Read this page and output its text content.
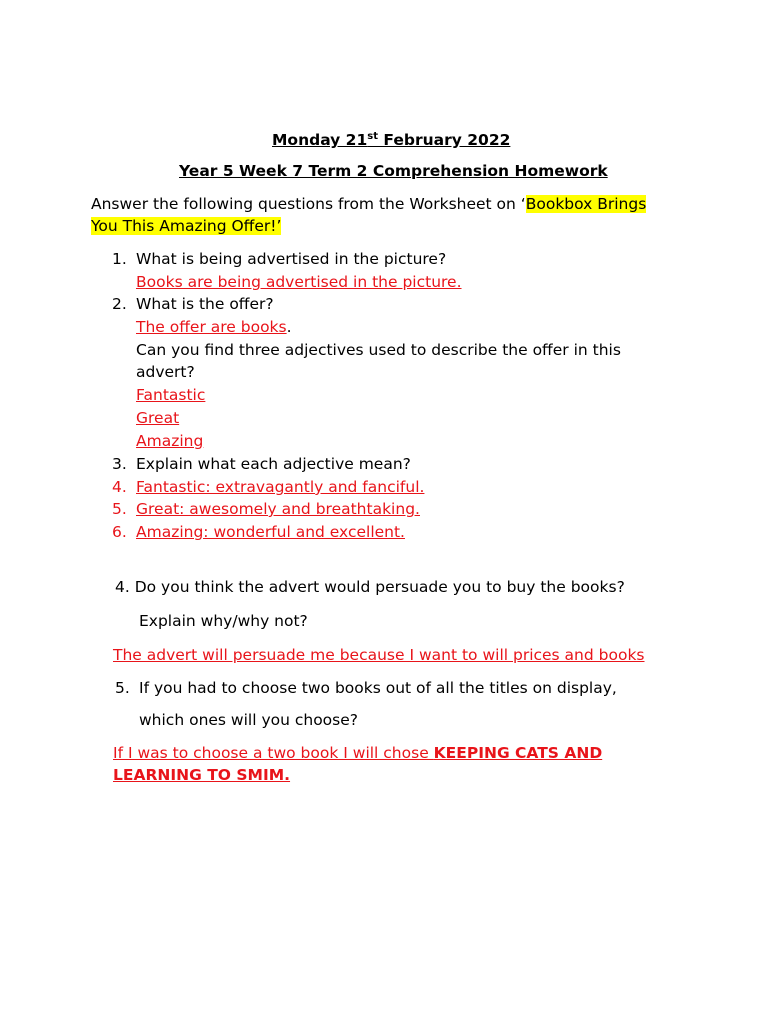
Monday 21st February 2022
Year 5 Week 7 Term 2 Comprehension Homework
Answer the following questions from the Worksheet on ‘Bookbox Brings
You This Amazing Offer!’
1. What is being advertised in the picture?
Books are being advertised in the picture.
2. What is the offer?
The offer are books.
Can you find three adjectives used to describe the offer in this
advert?
Fantastic
Great
Amazing
3. Explain what each adjective mean?
4. Fantastic: extravagantly and fanciful.
5. Great: awesomely and breathtaking.
6. Amazing: wonderful and excellent.
4. Do you think the advert would persuade you to buy the books?
Explain why/why not?
The advert will persuade me because I want to will prices and books
5. If you had to choose two books out of all the titles on display,
which ones will you choose?
If I was to choose a two book I will chose KEEPING CATS AND
LEARNING TO SMIM.
